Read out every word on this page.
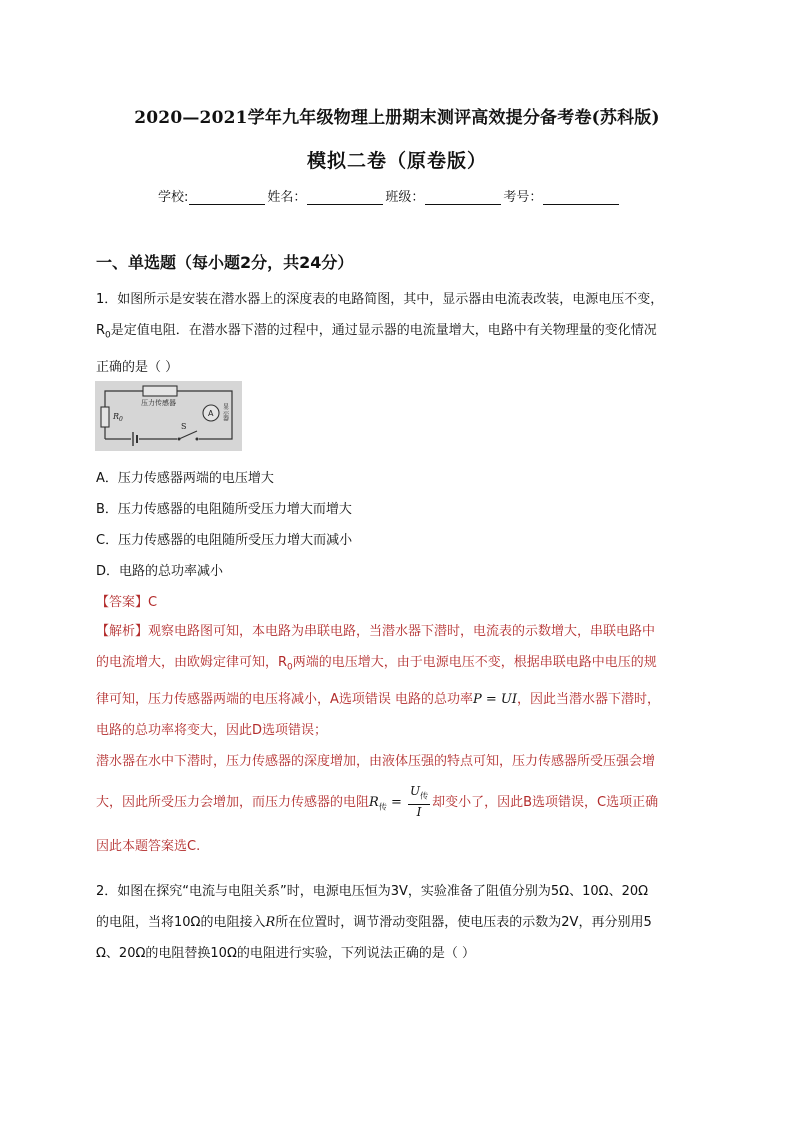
2020—2021学年九年级物理上册期末测评高效提分备考卷(苏科版)
模拟二卷（原卷版）
学校:	姓名：	班级：	考号：
一、单选题（每小题2分，共24分）
1．如图所示是安装在潜水器上的深度表的电路简图，其中，显示器由电流表改装，电源电压不变，
$R_0$是定值电阻．在潜水器下潜的过程中，通过显示器的电流量增大，电路中有关物理量的变化情况
正确的是（ ）
压力传感器
$R_0$
A
S
显示器
A．压力传感器两端的电压增大
B．压力传感器的电阻随所受压力增大而增大
C．压力传感器的电阻随所受压力增大而减小
D．电路的总功率减小
【答案】C
【解析】观察电路图可知，本电路为串联电路，当潜水器下潜时，电流表的示数增大，串联电路中
的电流增大，由欧姆定律可知，$R_0$两端的电压增大，由于电源电压不变，根据串联电路中电压的规
律可知，压力传感器两端的电压将减小，A选项错误 电路的总功率P = UI，因此当潜水器下潜时，
电路的总功率将变大，因此D选项错误；
潜水器在水中下潜时，压力传感器的深度增加，由液体压强的特点可知，压力传感器所受压强会增
大，因此所受压力会增加，而压力传感器的电阻$R_传 = \frac{U_传}{I}$ 却变小了，因此B选项错误，C选项正确
因此本题答案选C.
2．如图在探究“电流与电阻关系”时，电源电压恒为3V，实验准备了阻值分别为5Ω、10Ω、20Ω
的电阻，当将10Ω的电阻接入R所在位置时，调节滑动变阻器，使电压表的示数为2V，再分别用5
Ω、20Ω的电阻替换10Ω的电阻进行实验，下列说法正确的是（ ）
